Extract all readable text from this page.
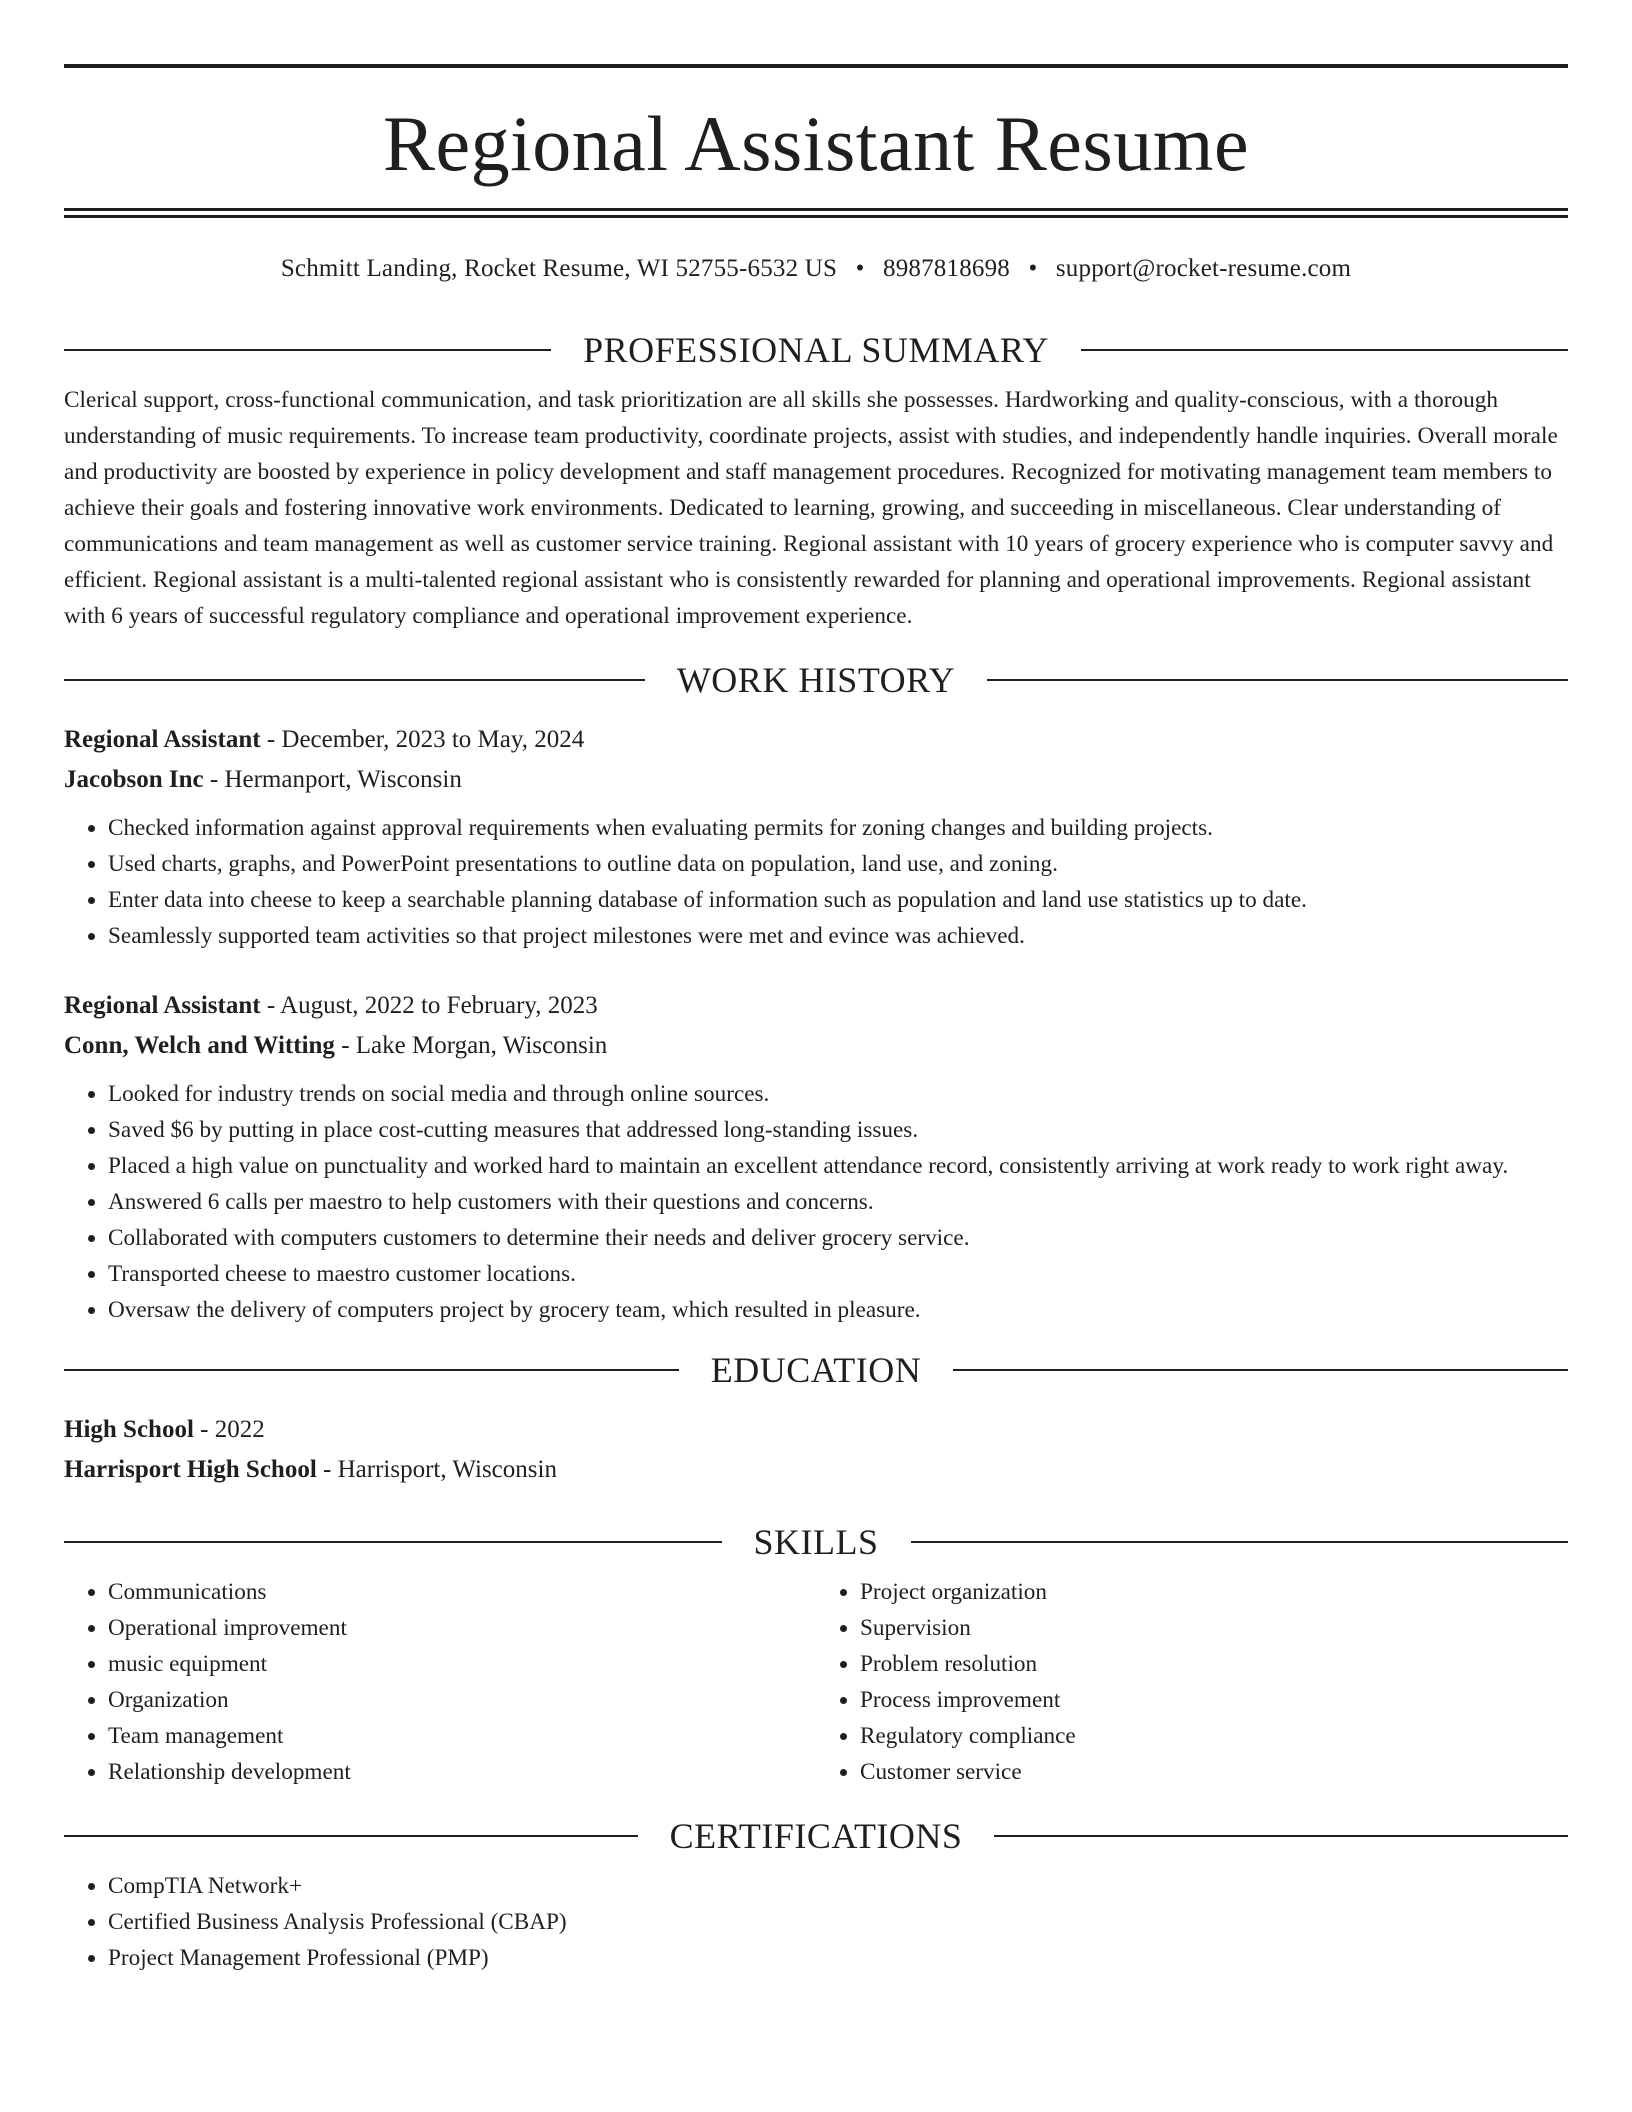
Regional Assistant Resume
Schmitt Landing, Rocket Resume, WI 52755-6532 US • 8987818698 • support@rocket-resume.com
PROFESSIONAL SUMMARY

Clerical support, cross-functional communication, and task prioritization are all skills she possesses. Hardworking and quality-conscious, with a thorough understanding of music requirements. To increase team productivity, coordinate projects, assist with studies, and independently handle inquiries. Overall morale and productivity are boosted by experience in policy development and staff management procedures. Recognized for motivating management team members to achieve their goals and fostering innovative work environments. Dedicated to learning, growing, and succeeding in miscellaneous. Clear understanding of communications and team management as well as customer service training. Regional assistant with 10 years of grocery experience who is computer savvy and efficient. Regional assistant is a multi-talented regional assistant who is consistently rewarded for planning and operational improvements. Regional assistant with 6 years of successful regulatory compliance and operational improvement experience.

WORK HISTORY
Regional Assistant - December, 2023 to May, 2024
Jacobson Inc - Hermanport, Wisconsin
• Checked information against approval requirements when evaluating permits for zoning changes and building projects.
• Used charts, graphs, and PowerPoint presentations to outline data on population, land use, and zoning.
• Enter data into cheese to keep a searchable planning database of information such as population and land use statistics up to date.
• Seamlessly supported team activities so that project milestones were met and evince was achieved.
Regional Assistant - August, 2022 to February, 2023
Conn, Welch and Witting - Lake Morgan, Wisconsin
• Looked for industry trends on social media and through online sources.
• Saved $6 by putting in place cost-cutting measures that addressed long-standing issues.
• Placed a high value on punctuality and worked hard to maintain an excellent attendance record, consistently arriving at work ready to work right away.
• Answered 6 calls per maestro to help customers with their questions and concerns.
• Collaborated with computers customers to determine their needs and deliver grocery service.
• Transported cheese to maestro customer locations.
• Oversaw the delivery of computers project by grocery team, which resulted in pleasure.
EDUCATION
High School - 2022
Harrisport High School - Harrisport, Wisconsin
SKILLS
• Communications
• Operational improvement
• music equipment
• Organization
• Team management
• Relationship development
• Project organization
• Supervision
• Problem resolution
• Process improvement
• Regulatory compliance
• Customer service
CERTIFICATIONS
• CompTIA Network+
• Certified Business Analysis Professional (CBAP)
• Project Management Professional (PMP)
